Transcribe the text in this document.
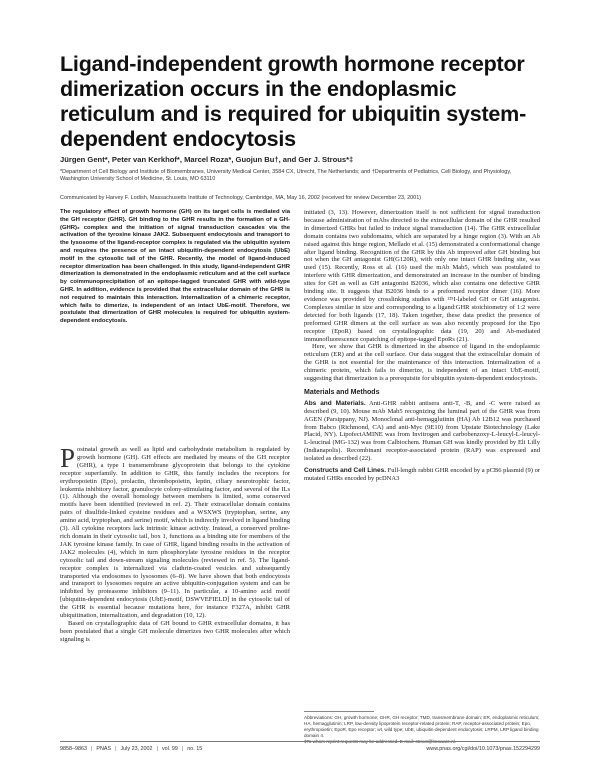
Ligand-independent growth hormone receptor dimerization occurs in the endoplasmic reticulum and is required for ubiquitin system-dependent endocytosis
Jürgen Gent*, Peter van Kerkhof*, Marcel Roza*, Guojun Bu†, and Ger J. Strous*‡
*Department of Cell Biology and Institute of Biomembranes, University Medical Center, 3584 CX, Utrecht, The Netherlands; and †Departments of Pediatrics, Cell Biology, and Physiology, Washington University School of Medicine, St. Louis, MO 63110
Communicated by Harvey F. Lodish, Massachusetts Institute of Technology, Cambridge, MA, May 16, 2002 (received for review December 23, 2001)
The regulatory effect of growth hormone (GH) on its target cells is mediated via the GH receptor (GHR). GH binding to the GHR results in the formation of a GH-(GHR)₂ complex and the initiation of signal transduction cascades via the activation of the tyrosine kinase JAK2. Subsequent endocytosis and transport to the lysosome of the ligand-receptor complex is regulated via the ubiquitin system and requires the presence of an intact ubiquitin-dependent endocytosis (UbE) motif in the cytosolic tail of the GHR. Recently, the model of ligand-induced receptor dimerization has been challenged. In this study, ligand-independent GHR dimerization is demonstrated in the endoplasmic reticulum and at the cell surface by coimmunoprecipitation of an epitope-tagged truncated GHR with wild-type GHR. In addition, evidence is provided that the extracellular domain of the GHR is not required to maintain this interaction. Internalization of a chimeric receptor, which fails to dimerize, is independent of an intact UbE-motif. Therefore, we postulate that dimerization of GHR molecules is required for ubiquitin system-dependent endocytosis.
P ostnatal growth as well as lipid and carbohydrate metabolism is regulated by growth hormone (GH). GH effects are mediated by means of the GH receptor (GHR), a type I transmembrane glycoprotein that belongs to the cytokine receptor superfamily. In addition to GHR, this family includes the receptors for erythropoietin (Epo), prolactin, thrombopoietin, leptin, ciliary neurotrophic factor, leukemia inhibitory factor, granulocyte colony-stimulating factor, and several of the ILs (1). Although the overall homology between members is limited, some conserved motifs have been identified (reviewed in ref. 2). Their extracellular domain contains pairs of disulfide-linked cysteine residues and a WSXWS (tryptophan, serine, any amino acid, tryptophan, and serine) motif, which is indirectly involved in ligand binding (3). All cytokine receptors lack intrinsic kinase activity. Instead, a conserved proline-rich domain in their cytosolic tail, box 1, functions as a binding site for members of the JAK tyrosine kinase family. In case of GHR, ligand binding results in the activation of JAK2 molecules (4), which in turn phosphorylate tyrosine residues in the receptor cytosolic tail and down-stream signaling molecules (reviewed in ref. 5). The ligand-receptor complex is internalized via clathrin-coated vesicles and subsequently transported via endosomes to lysosomes (6–8). We have shown that both endocytosis and transport to lysosomes require an active ubiquitin-conjugation system and can be inhibited by proteasome inhibitors (9–11). In particular, a 10-amino acid motif [ubiquitin-dependent endocytosis (UbE)-motif, DSWVEFIELD] in the cytosolic tail of the GHR is essential because mutations here, for instance F327A, inhibit GHR ubiquitination, internalization, and degradation (10, 12).
Based on crystallographic data of GH bound to GHR extracellular domains, it has been postulated that a single GH molecule dimerizes two GHR molecules after which signaling is

initiated (3, 13). However, dimerization itself is not sufficient for signal transduction because administration of mAbs directed to the extracellular domain of the GHR resulted in dimerized GHRs but failed to induce signal transduction (14). The GHR extracellular domain contains two subdomains, which are separated by a hinge region (3). With an Ab raised against this hinge region, Mellado et al. (15) demonstrated a conformational change after ligand binding. Recognition of the GHR by this Ab improved after GH binding but not when the GH antagonist GH(G120R), with only one intact GHR binding site, was used (15). Recently, Ross et al. (16) used the mAb Mab5, which was postulated to interfere with GHR dimerization, and demonstrated an increase in the number of binding sites for GH as well as GH antagonist B2036, which also contains one defective GHR binding site. It suggests that B2036 binds to a preformed receptor dimer (16). More evidence was provided by crosslinking studies with ¹²⁵I-labeled GH or GH antagonist. Complexes similar in size and corresponding to a ligand:GHR stoichiometry of 1:2 were detected for both ligands (17, 18). Taken together, these data predict the presence of preformed GHR dimers at the cell surface as was also recently proposed for the Epo receptor (EpoR) based on crystallographic data (19, 20) and Ab-mediated immunofluorescence copatching of epitope-tagged EpoRs (21).

Here, we show that GHR is dimerized in the absence of ligand in the endoplasmic reticulum (ER) and at the cell surface. Our data suggest that the extracellular domain of the GHR is not essential for the maintenance of this interaction. Internalization of a chimeric protein, which fails to dimerize, is independent of an intact UbE-motif, suggesting that dimerization is a prerequisite for ubiquitin system-dependent endocytosis.

Materials and Methods

Abs and Materials. Anti-GHR rabbit antisera anti-T, -B, and -C were raised as described (9, 10). Mouse mAb Mab5 recognizing the luminal part of the GHR was from AGEN (Parsippany, NJ). Monoclonal anti-hemagglutinin (HA) Ab 12B12 was purchased from Babco (Richmond, CA) and anti-Myc (9E10) from Upstate Biotechnology (Lake Placid, NY). LipofectAMINE was from Invitrogen and carbobenzoxy-L-leucyl-L-leucyl-L-leucinal (MG-132) was from Calbiochem. Human GH was kindly provided by Eli Lilly (Indianapolis). Recombinant receptor-associated protein (RAP) was expressed and isolated as described (22).

Constructs and Cell Lines. Full-length rabbit GHR encoded by a pCB6 plasmid (9) or mutated GHRs encoded by pcDNA3

Abbreviations: GH, growth hormone; GHR, GH receptor; TMD, transmembrane domain; ER, endoplasmic reticulum; HA, hemagglutinin; LRP, low-density lipoprotein receptor-related protein; RAP, receptor-associated protein; Epo, erythropoietin; EpoR, Epo receptor; wt, wild type; UbE, ubiquitin-dependent endocytosis; LRPM, LRP ligand binding domain 4.
‡To whom reprint requests may be addressed. E-mail: strous@knoware.nl.
9858–9863 | PNAS | July 23, 2002 | vol. 99 | no. 15	www.pnas.org/cgi/doi/10.1073/pnas.152294299
